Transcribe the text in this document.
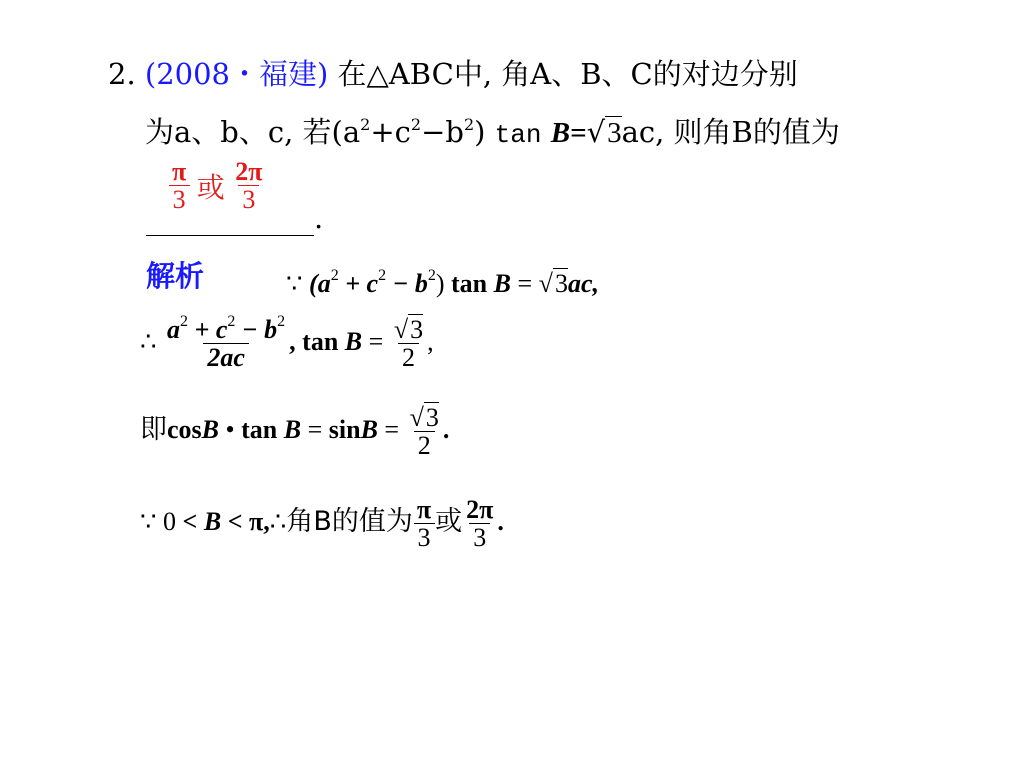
2. (2008・福建) 在△ABC中, 角A、B、C的对边分别
为a、b、c, 若$(a^2+c^2-b^2)$ tan B=√3ac, 则角B的值为
$\frac{\pi}{3}$ 或 $\frac{2\pi}{3}$
.
解析	∵ $(a^2 + c^2 - b^2)$ tan B = √3ac,
∴ $\frac{a^2 + c^2 - b^2}{2ac}$ , $\tan B = \frac{√3}{2}$ ,
即cosB • $\tan B = \sin B = \frac{√3}{2}$ .
∵ 0 < B < π,∴角B的值为 $\frac{\pi}{3}$ 或 $\frac{2\pi}{3}$ .
